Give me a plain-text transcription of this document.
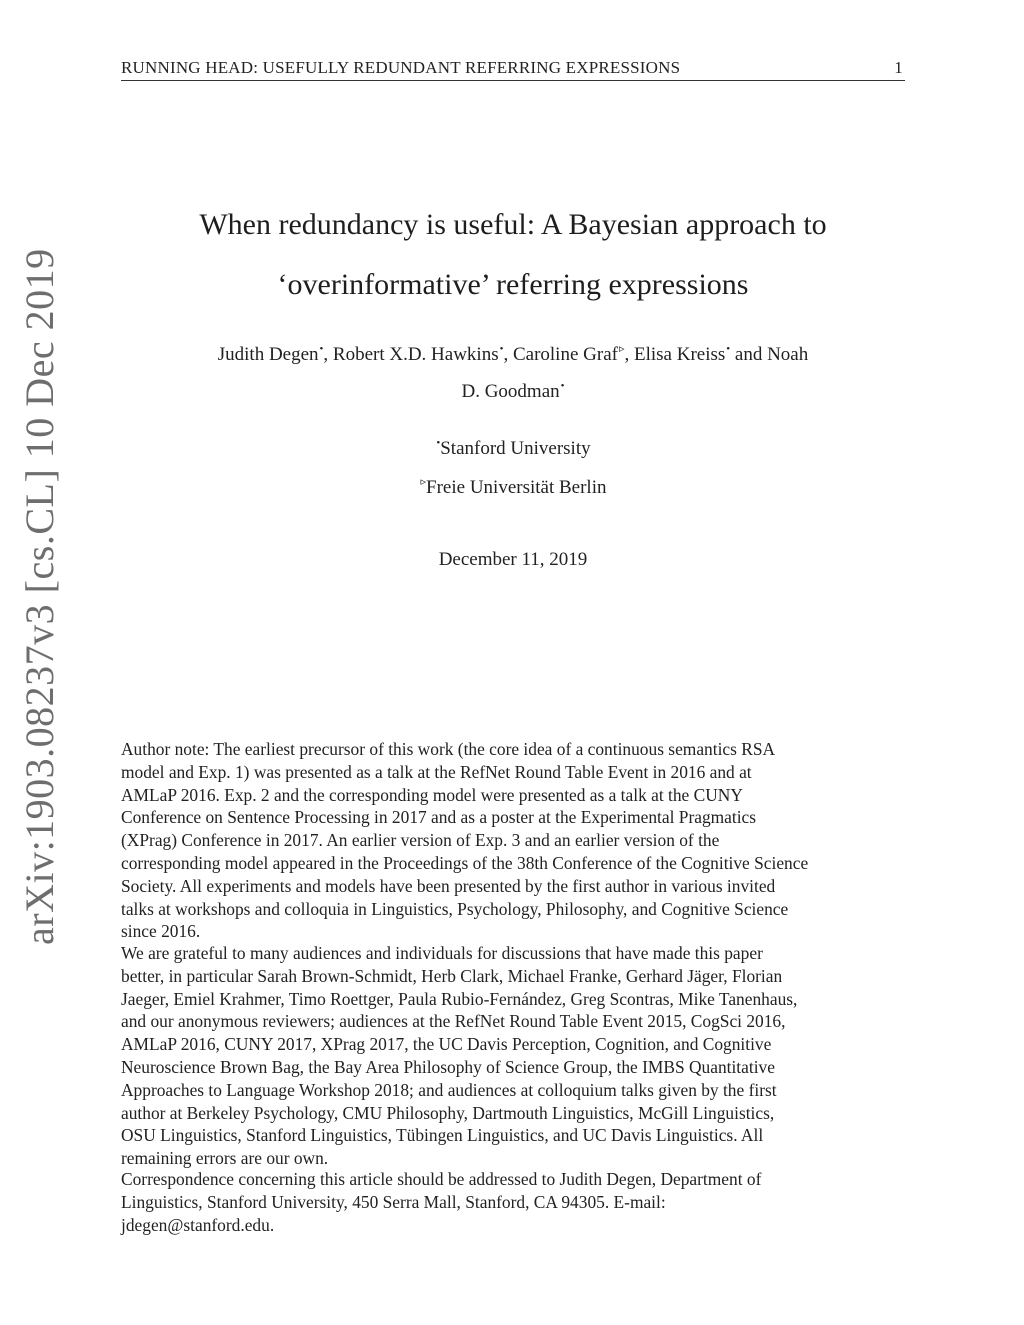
RUNNING HEAD: USEFULLY REDUNDANT REFERRING EXPRESSIONS	1
arXiv:1903.08237v3 [cs.CL] 10 Dec 2019
When redundancy is useful: A Bayesian approach to
‘overinformative’ referring expressions
Judith Degen•, Robert X.D. Hawkins•, Caroline Graf▹, Elisa Kreiss• and Noah
D. Goodman•
•Stanford University
▹Freie Universität Berlin
December 11, 2019
Author note: The earliest precursor of this work (the core idea of a continuous semantics RSA
model and Exp. 1) was presented as a talk at the RefNet Round Table Event in 2016 and at
AMLaP 2016. Exp. 2 and the corresponding model were presented as a talk at the CUNY
Conference on Sentence Processing in 2017 and as a poster at the Experimental Pragmatics
(XPrag) Conference in 2017. An earlier version of Exp. 3 and an earlier version of the
corresponding model appeared in the Proceedings of the 38th Conference of the Cognitive Science
Society. All experiments and models have been presented by the first author in various invited
talks at workshops and colloquia in Linguistics, Psychology, Philosophy, and Cognitive Science
since 2016.
We are grateful to many audiences and individuals for discussions that have made this paper
better, in particular Sarah Brown-Schmidt, Herb Clark, Michael Franke, Gerhard Jäger, Florian
Jaeger, Emiel Krahmer, Timo Roettger, Paula Rubio-Fernández, Greg Scontras, Mike Tanenhaus,
and our anonymous reviewers; audiences at the RefNet Round Table Event 2015, CogSci 2016,
AMLaP 2016, CUNY 2017, XPrag 2017, the UC Davis Perception, Cognition, and Cognitive
Neuroscience Brown Bag, the Bay Area Philosophy of Science Group, the IMBS Quantitative
Approaches to Language Workshop 2018; and audiences at colloquium talks given by the first
author at Berkeley Psychology, CMU Philosophy, Dartmouth Linguistics, McGill Linguistics,
OSU Linguistics, Stanford Linguistics, Tübingen Linguistics, and UC Davis Linguistics. All
remaining errors are our own.
Correspondence concerning this article should be addressed to Judith Degen, Department of
Linguistics, Stanford University, 450 Serra Mall, Stanford, CA 94305. E-mail:
jdegen@stanford.edu.
